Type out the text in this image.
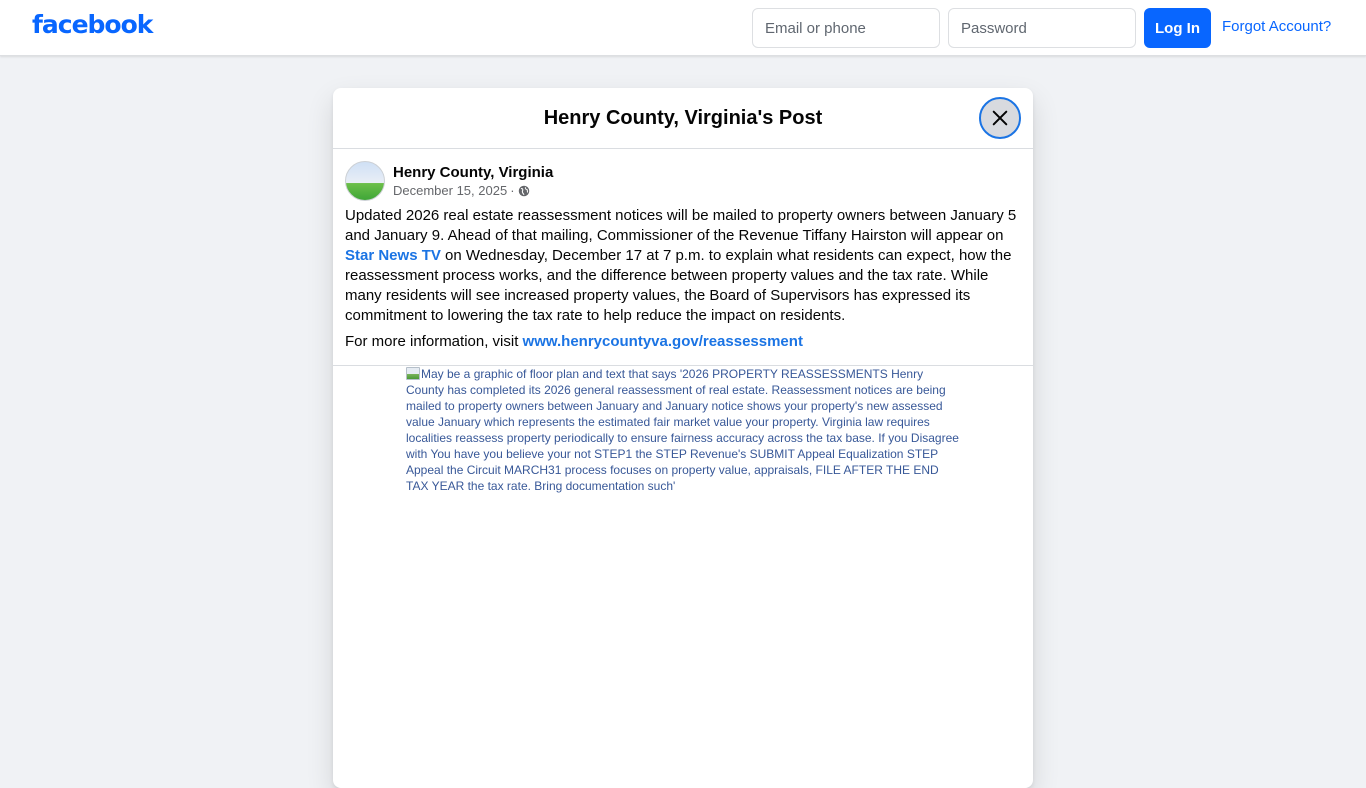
facebook
Email or phone	Log In	Forgot Account?
Henry County, Virginia's Post
Henry County, Virginia
December 15, 2025 ·

Updated 2026 real estate reassessment notices will be mailed to property owners between January 5 and January 9. Ahead of that mailing, Commissioner of the Revenue Tiffany Hairston will appear on Star News TV on Wednesday, December 17 at 7 p.m. to explain what residents can expect, how the reassessment process works, and the difference between property values and the tax rate. While many residents will see increased property values, the Board of Supervisors has expressed its commitment to lowering the tax rate to help reduce the impact on residents.

For more information, visit www.henrycountyva.gov/reassessment

May be a graphic of floor plan and text that says '2026 PROPERTY REASSESSMENTS Henry County has completed its 2026 general reassessment of real estate. Reassessment notices are being mailed to property owners between January and January notice shows your property's new assessed value January which represents the estimated fair market value your property. Virginia law requires localities reassess property periodically to ensure fairness accuracy across the tax base. If you Disagree with You have you believe your not STEP1 the STEP Revenue's SUBMIT Appeal Equalization STEP Appeal the Circuit MARCH31 process focuses on property value, appraisals, FILE AFTER THE END TAX YEAR the tax rate. Bring documentation such'
